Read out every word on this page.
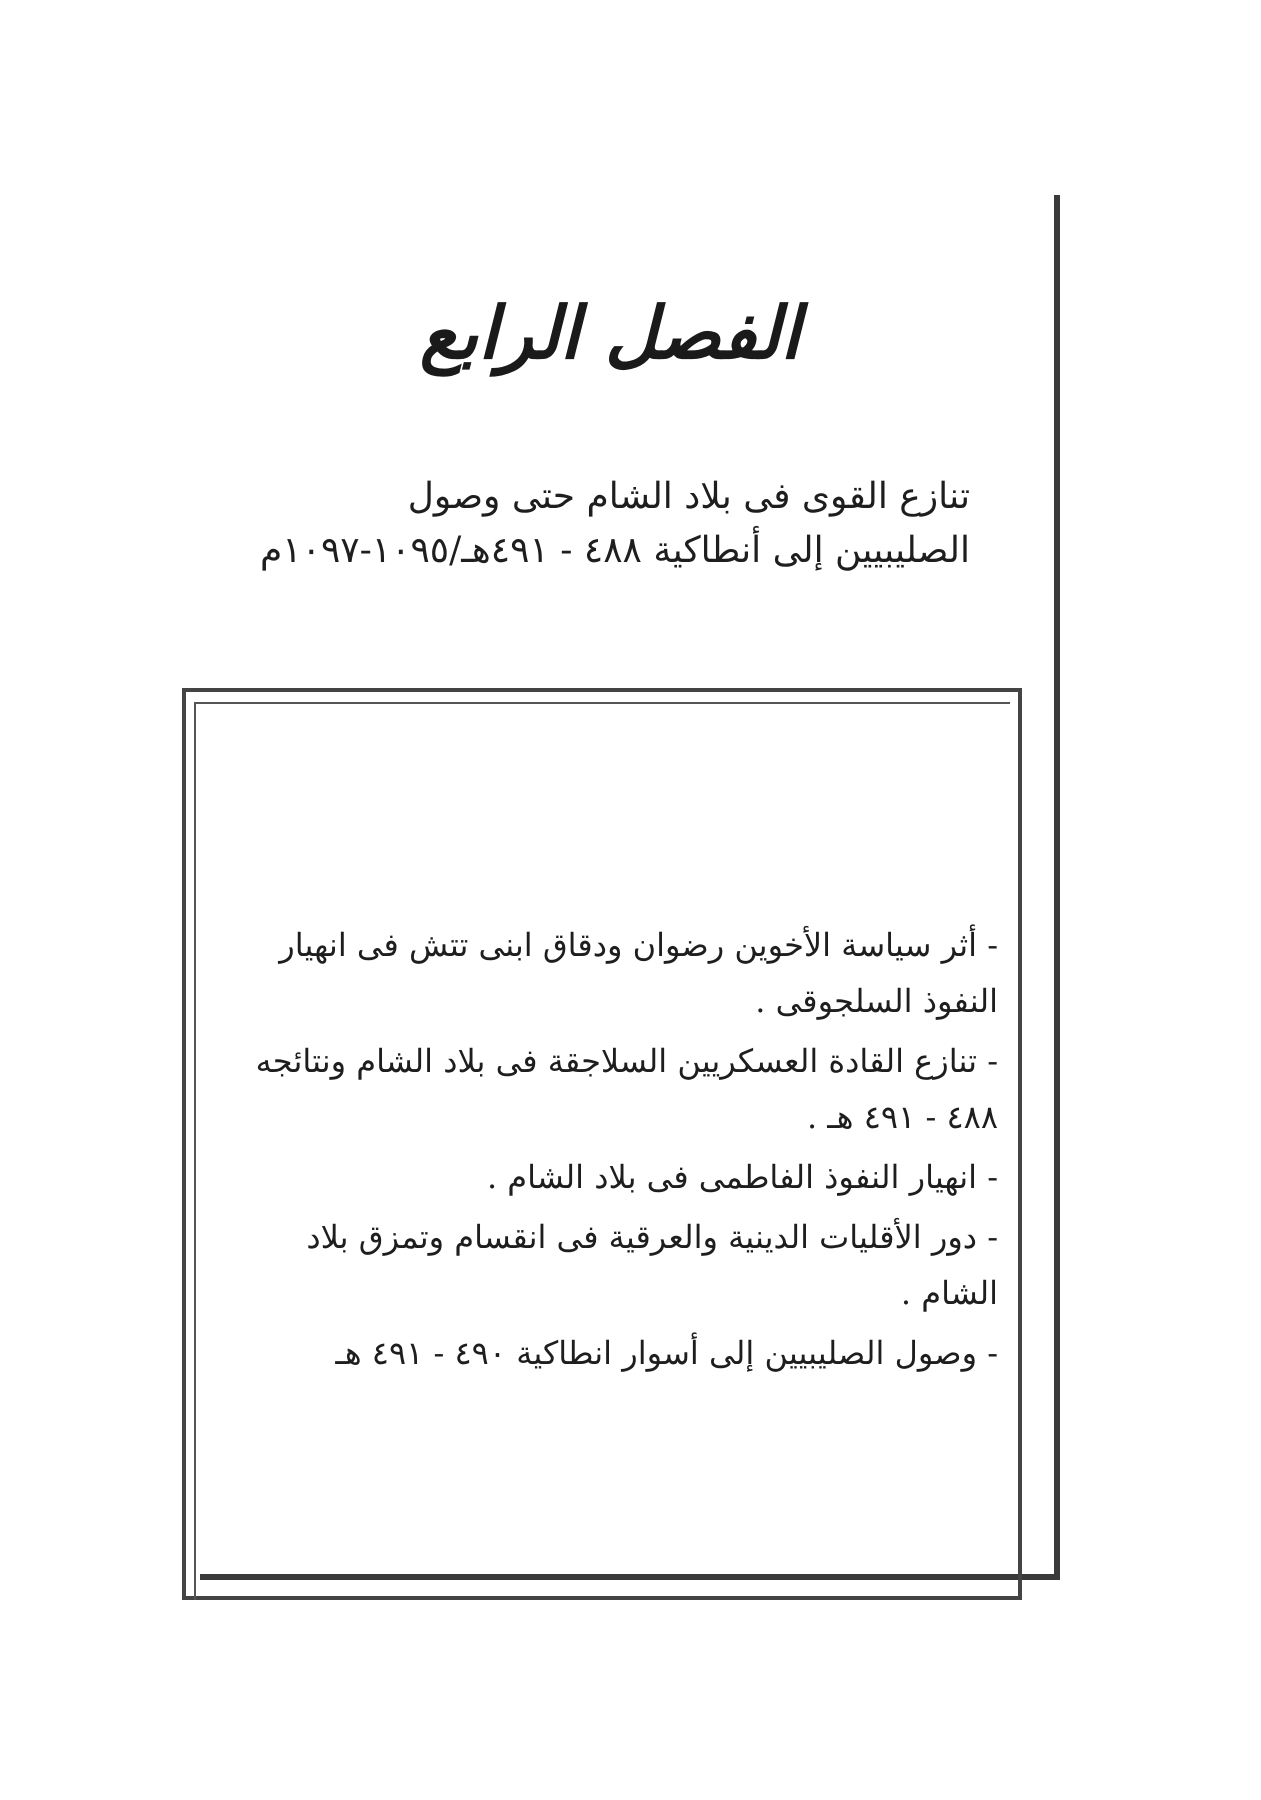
الفصل الرابع
تنازع القوى فى بلاد الشام حتى وصول
الصليبيين إلى أنطاكية ٤٨٨ - ٤٩١هـ/١٠٩٥-١٠٩٧م
- أثر سياسة الأخوين رضوان ودقاق ابنى تتش فى انهيار النفوذ السلجوقى .
- تنازع القادة العسكريين السلاجقة فى بلاد الشام ونتائجه ٤٨٨ - ٤٩١ هـ .
- انهيار النفوذ الفاطمى فى بلاد الشام .
- دور الأقليات الدينية والعرقية فى انقسام وتمزق بلاد الشام .
- وصول الصليبيين إلى أسوار انطاكية ٤٩٠ - ٤٩١ هـ
